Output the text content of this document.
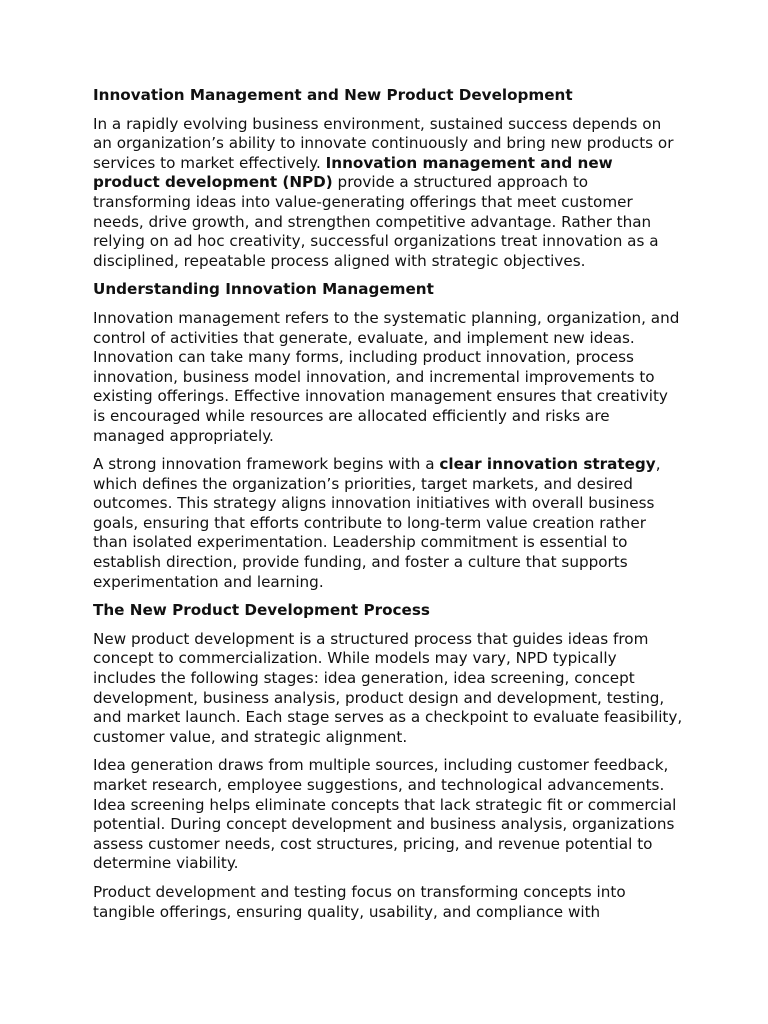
Innovation Management and New Product Development
In a rapidly evolving business environment, sustained success depends on an organization’s ability to innovate continuously and bring new products or services to market effectively. Innovation management and new product development (NPD) provide a structured approach to transforming ideas into value-generating offerings that meet customer needs, drive growth, and strengthen competitive advantage. Rather than relying on ad hoc creativity, successful organizations treat innovation as a disciplined, repeatable process aligned with strategic objectives.
Understanding Innovation Management
Innovation management refers to the systematic planning, organization, and control of activities that generate, evaluate, and implement new ideas. Innovation can take many forms, including product innovation, process innovation, business model innovation, and incremental improvements to existing offerings. Effective innovation management ensures that creativity is encouraged while resources are allocated efficiently and risks are managed appropriately.
A strong innovation framework begins with a clear innovation strategy, which defines the organization’s priorities, target markets, and desired outcomes. This strategy aligns innovation initiatives with overall business goals, ensuring that efforts contribute to long-term value creation rather than isolated experimentation. Leadership commitment is essential to establish direction, provide funding, and foster a culture that supports experimentation and learning.
The New Product Development Process
New product development is a structured process that guides ideas from concept to commercialization. While models may vary, NPD typically includes the following stages: idea generation, idea screening, concept development, business analysis, product design and development, testing, and market launch. Each stage serves as a checkpoint to evaluate feasibility, customer value, and strategic alignment.
Idea generation draws from multiple sources, including customer feedback, market research, employee suggestions, and technological advancements. Idea screening helps eliminate concepts that lack strategic fit or commercial potential. During concept development and business analysis, organizations assess customer needs, cost structures, pricing, and revenue potential to determine viability.
Product development and testing focus on transforming concepts into tangible offerings, ensuring quality, usability, and compliance with
